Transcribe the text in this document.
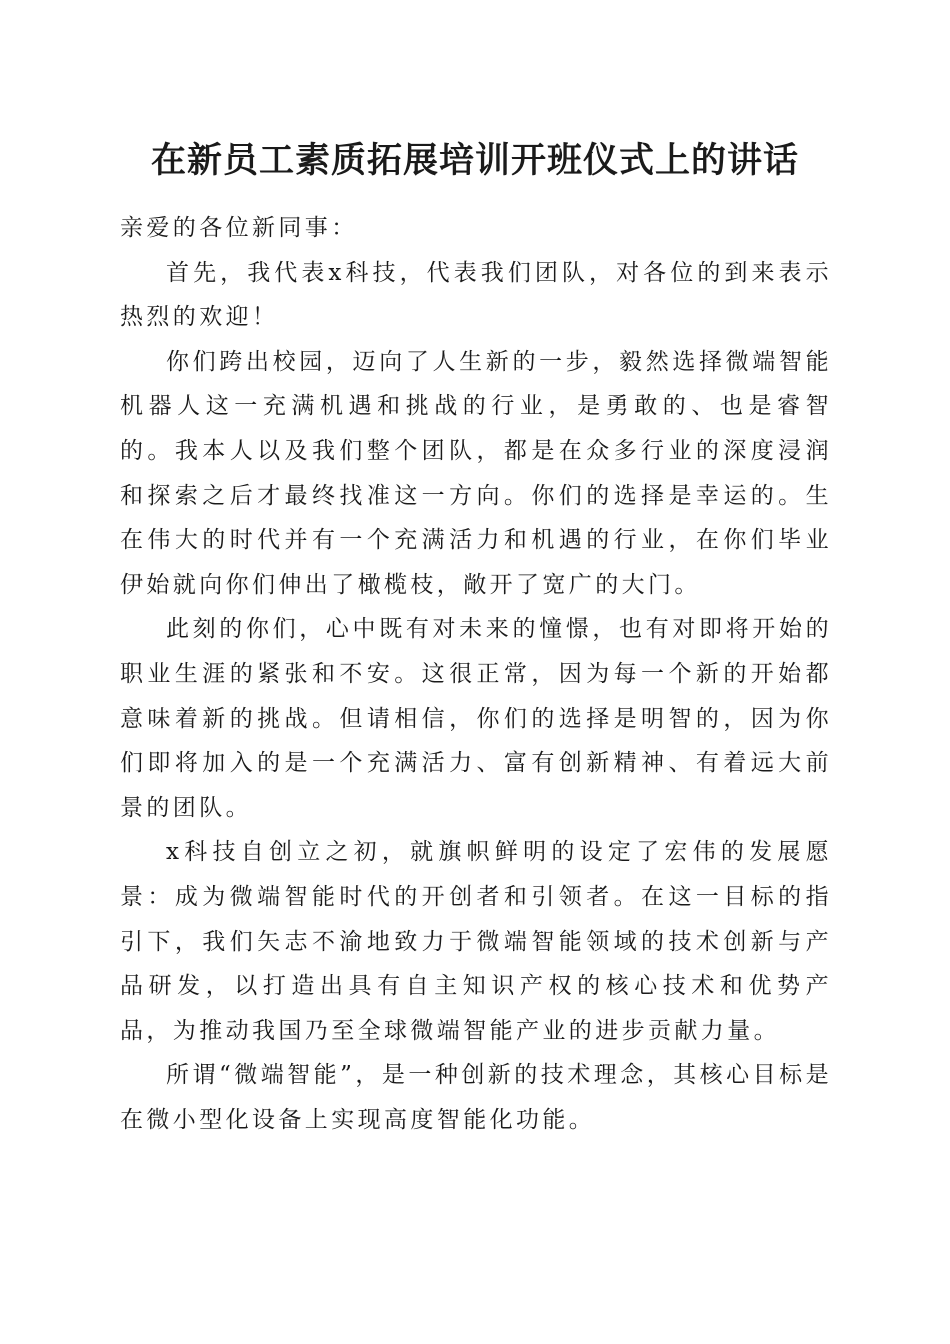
在新员工素质拓展培训开班仪式上的讲话

亲爱的各位新同事：

首先，我代表x科技，代表我们团队，对各位的到来表示热烈的欢迎！

你们跨出校园，迈向了人生新的一步，毅然选择微端智能机器人这一充满机遇和挑战的行业，是勇敢的、也是睿智的。我本人以及我们整个团队，都是在众多行业的深度浸润和探索之后才最终找准这一方向。你们的选择是幸运的。生在伟大的时代并有一个充满活力和机遇的行业，在你们毕业伊始就向你们伸出了橄榄枝，敞开了宽广的大门。

此刻的你们，心中既有对未来的憧憬，也有对即将开始的职业生涯的紧张和不安。这很正常，因为每一个新的开始都意味着新的挑战。但请相信，你们的选择是明智的，因为你们即将加入的是一个充满活力、富有创新精神、有着远大前景的团队。

x科技自创立之初，就旗帜鲜明的设定了宏伟的发展愿景：成为微端智能时代的开创者和引领者。在这一目标的指引下，我们矢志不渝地致力于微端智能领域的技术创新与产品研发，以打造出具有自主知识产权的核心技术和优势产品，为推动我国乃至全球微端智能产业的进步贡献力量。

所谓“微端智能”，是一种创新的技术理念，其核心目标是在微小型化设备上实现高度智能化功能。
